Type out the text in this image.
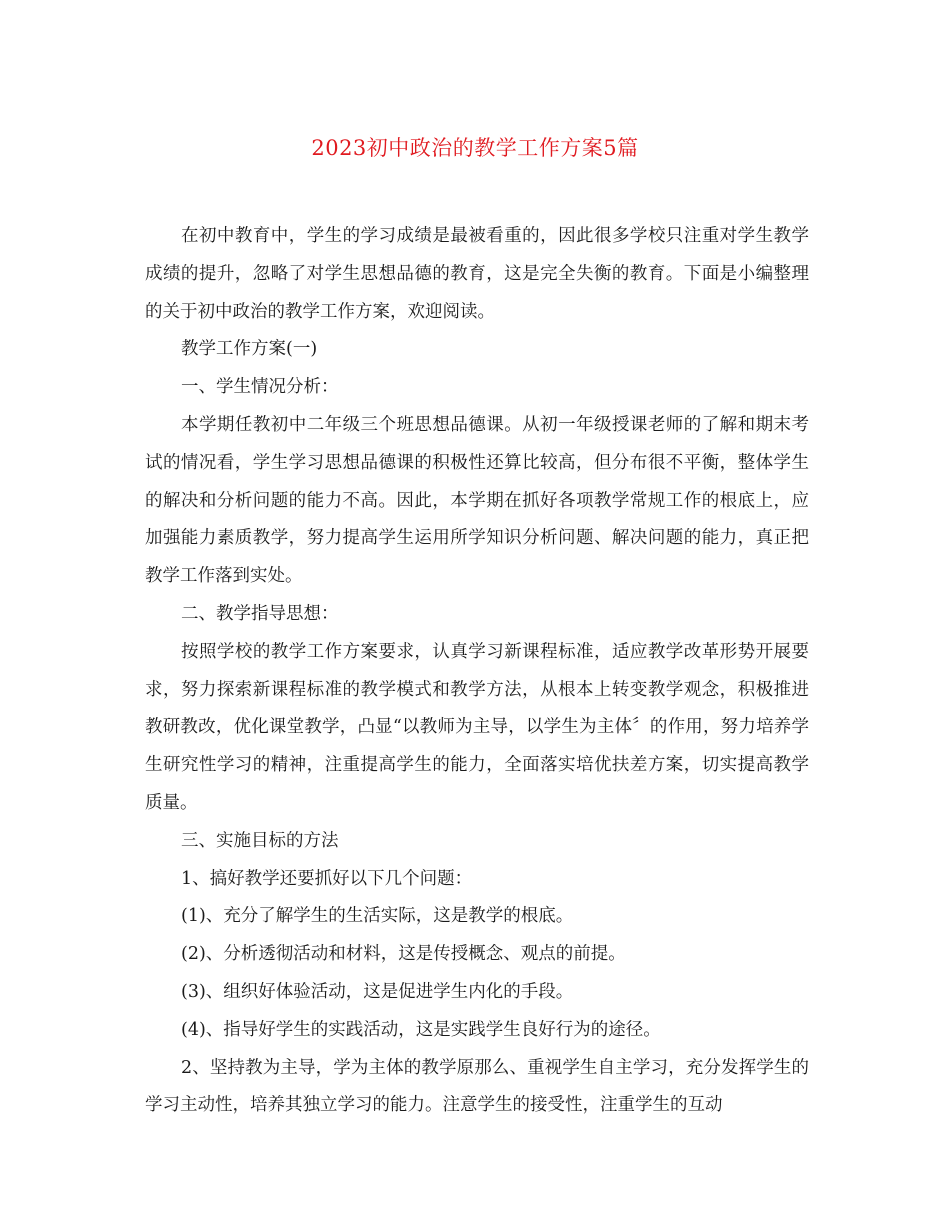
2023初中政治的教学工作方案5篇

在初中教育中，学生的学习成绩是最被看重的，因此很多学校只注重对学生教学成绩的提升，忽略了对学生思想品德的教育，这是完全失衡的教育。下面是小编整理的关于初中政治的教学工作方案，欢迎阅读。

教学工作方案(一)

一、学生情况分析：

本学期任教初中二年级三个班思想品德课。从初一年级授课老师的了解和期末考试的情况看，学生学习思想品德课的积极性还算比较高，但分布很不平衡，整体学生的解决和分析问题的能力不高。因此，本学期在抓好各项教学常规工作的根底上，应加强能力素质教学，努力提高学生运用所学知识分析问题、解决问题的能力，真正把教学工作落到实处。

二、教学指导思想：

按照学校的教学工作方案要求，认真学习新课程标准，适应教学改革形势开展要求，努力探索新课程标准的教学模式和教学方法，从根本上转变教学观念，积极推进教研教改，优化课堂教学，凸显“以教师为主导，以学生为主体〞的作用，努力培养学生研究性学习的精神，注重提高学生的能力，全面落实培优扶差方案，切实提高教学质量。

三、实施目标的方法

1、搞好教学还要抓好以下几个问题：

(1)、充分了解学生的生活实际，这是教学的根底。

(2)、分析透彻活动和材料，这是传授概念、观点的前提。

(3)、组织好体验活动，这是促进学生内化的手段。

(4)、指导好学生的实践活动，这是实践学生良好行为的途径。

2、坚持教为主导，学为主体的教学原那么、重视学生自主学习，充分发挥学生的学习主动性，培养其独立学习的能力。注意学生的接受性，注重学生的互动
